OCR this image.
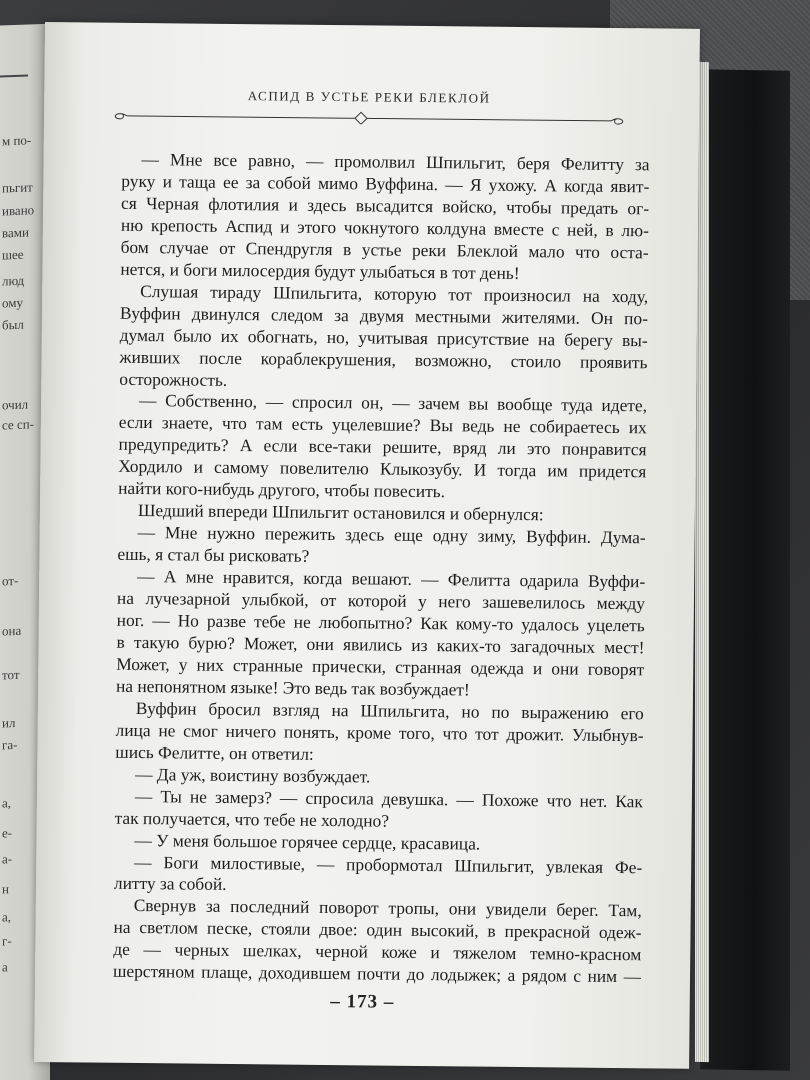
м по-
пьгит
ивано
вами
шее
люд
ому
был
очил
се сп-
от-
она
тот
ил
га-
а,
е-
а-
н
а,
г-
а
АСПИД В УСТЬЕ РЕКИ БЛЕКЛОЙ
— Мне все равно, — промолвил Шпильгит, беря Фелитту за
руку и таща ее за собой мимо Вуффина. — Я ухожу. А когда явит-
ся Черная флотилия и здесь высадится войско, чтобы предать ог-
ню крепость Аспид и этого чокнутого колдуна вместе с ней, в лю-
бом случае от Спендругля в устье реки Блеклой мало что оста-
нется, и боги милосердия будут улыбаться в тот день!
Слушая тираду Шпильгита, которую тот произносил на ходу,
Вуффин двинулся следом за двумя местными жителями. Он по-
думал было их обогнать, но, учитывая присутствие на берегу вы-
живших после кораблекрушения, возможно, стоило проявить
осторожность.
— Собственно, — спросил он, — зачем вы вообще туда идете,
если знаете, что там есть уцелевшие? Вы ведь не собираетесь их
предупредить? А если все-таки решите, вряд ли это понравится
Хордило и самому повелителю Клыкозубу. И тогда им придется
найти кого-нибудь другого, чтобы повесить.
Шедший впереди Шпильгит остановился и обернулся:
— Мне нужно пережить здесь еще одну зиму, Вуффин. Дума-
ешь, я стал бы рисковать?
— А мне нравится, когда вешают. — Фелитта одарила Вуффи-
на лучезарной улыбкой, от которой у него зашевелилось между
ног. — Но разве тебе не любопытно? Как кому-то удалось уцелеть
в такую бурю? Может, они явились из каких-то загадочных мест!
Может, у них странные прически, странная одежда и они говорят
на непонятном языке! Это ведь так возбуждает!
Вуффин бросил взгляд на Шпильгита, но по выражению его
лица не смог ничего понять, кроме того, что тот дрожит. Улыбнув-
шись Фелитте, он ответил:
— Да уж, воистину возбуждает.
— Ты не замерз? — спросила девушка. — Похоже что нет. Как
так получается, что тебе не холодно?
— У меня большое горячее сердце, красавица.
— Боги милостивые, — пробормотал Шпильгит, увлекая Фе-
литту за собой.
Свернув за последний поворот тропы, они увидели берег. Там,
на светлом песке, стояли двое: один высокий, в прекрасной одеж-
де — черных шелках, черной коже и тяжелом темно-красном
шерстяном плаще, доходившем почти до лодыжек; а рядом с ним —
– 173 –
